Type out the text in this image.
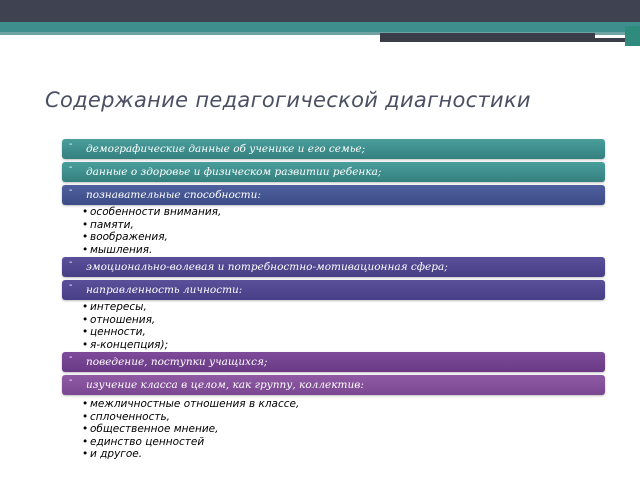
Содержание педагогической диагностики
- демографические данные об ученике и его семье;
- данные о здоровье и физическом развитии ребенка;
- познавательные способности:
• особенности внимания,
• памяти,
• воображения,
• мышления.
- эмоционально-волевая и потребностно-мотивационная сфера;
- направленность личности:
• интересы,
• отношения,
• ценности,
• я-концепция);
- поведение, поступки учащихся;
- изучение класса в целом, как группу, коллектив:
• межличностные отношения в классе,
• сплоченность,
• общественное мнение,
• единство ценностей
• и другое.
